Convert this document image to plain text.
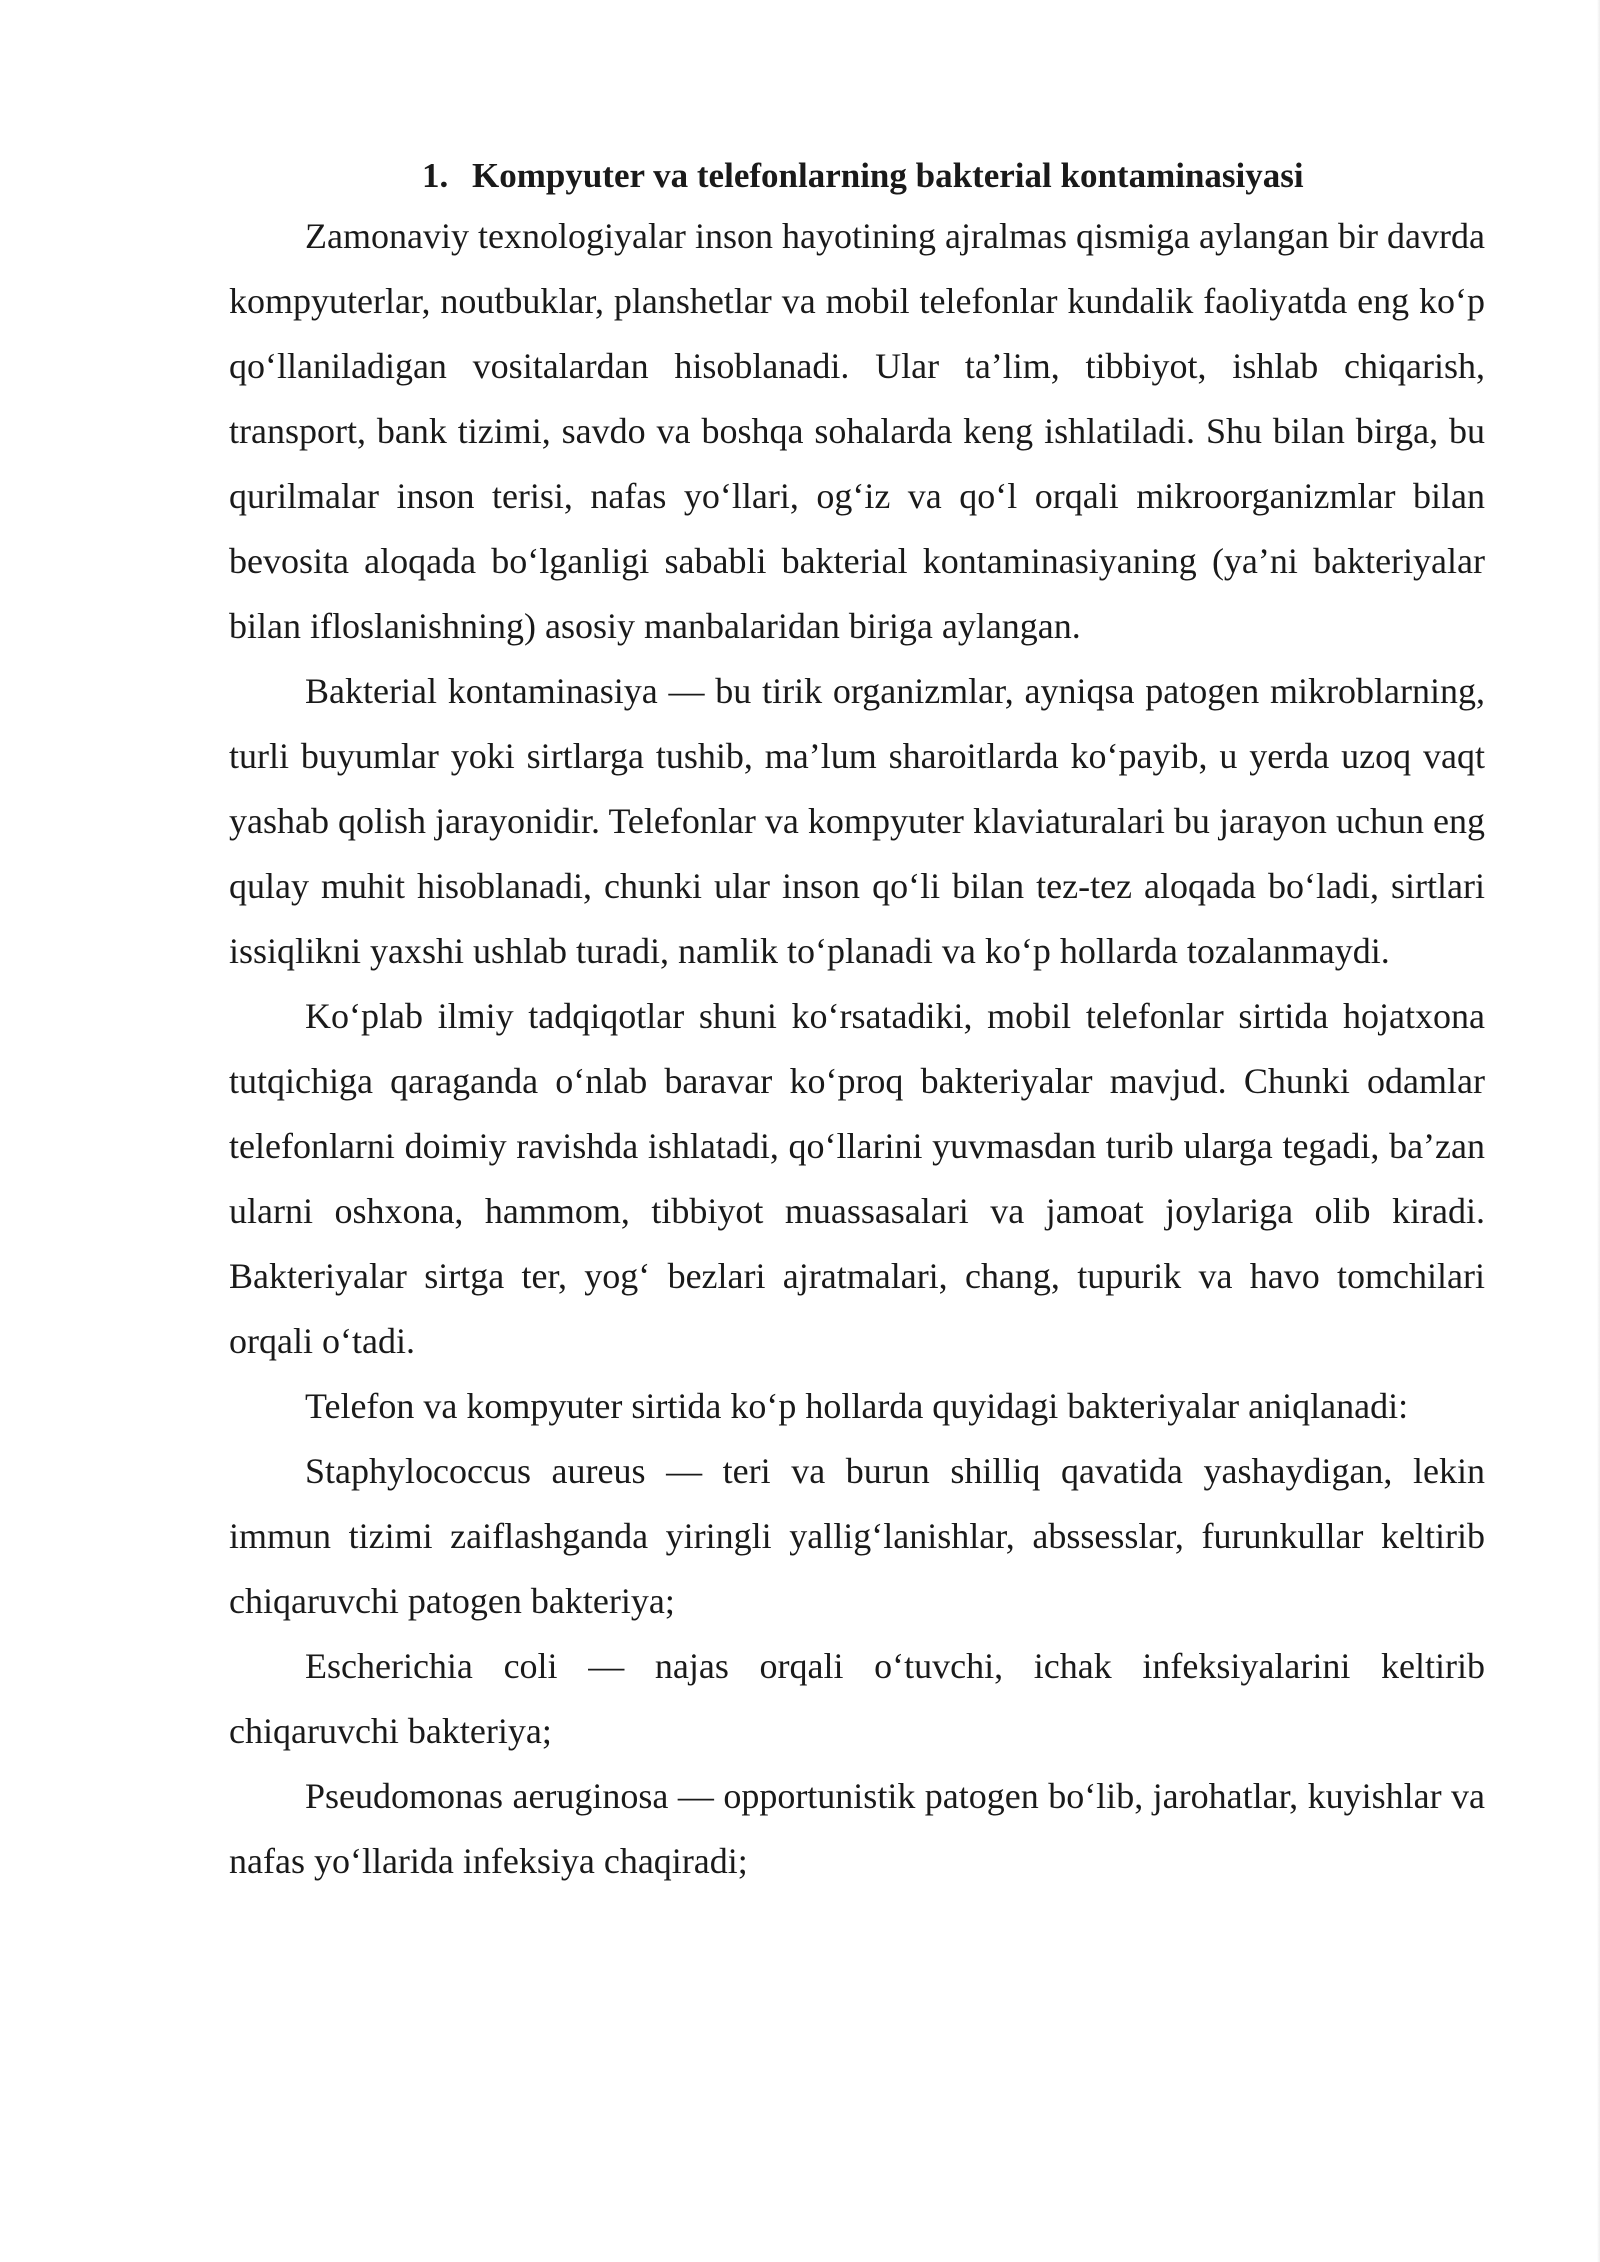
1. Kompyuter va telefonlarning bakterial kontaminasiyasi

Zamonaviy texnologiyalar inson hayotining ajralmas qismiga aylangan bir davrda kompyuterlar, noutbuklar, planshetlar va mobil telefonlar kundalik faoliyatda eng ko‘p qo‘llaniladigan vositalardan hisoblanadi. Ular ta’lim, tibbiyot, ishlab chiqarish, transport, bank tizimi, savdo va boshqa sohalarda keng ishlatiladi. Shu bilan birga, bu qurilmalar inson terisi, nafas yo‘llari, og‘iz va qo‘l orqali mikroorganizmlar bilan bevosita aloqada bo‘lganligi sababli bakterial kontaminasiyaning (ya’ni bakteriyalar bilan ifloslanishning) asosiy manbalaridan biriga aylangan.

Bakterial kontaminasiya — bu tirik organizmlar, ayniqsa patogen mikroblarning, turli buyumlar yoki sirtlarga tushib, ma’lum sharoitlarda ko‘payib, u yerda uzoq vaqt yashab qolish jarayonidir. Telefonlar va kompyuter klaviaturalari bu jarayon uchun eng qulay muhit hisoblanadi, chunki ular inson qo‘li bilan tez-tez aloqada bo‘ladi, sirtlari issiqlikni yaxshi ushlab turadi, namlik to‘planadi va ko‘p hollarda tozalanmaydi.

Ko‘plab ilmiy tadqiqotlar shuni ko‘rsatadiki, mobil telefonlar sirtida hojatxona tutqichiga qaraganda o‘nlab baravar ko‘proq bakteriyalar mavjud. Chunki odamlar telefonlarni doimiy ravishda ishlatadi, qo‘llarini yuvmasdan turib ularga tegadi, ba’zan ularni oshxona, hammom, tibbiyot muassasalari va jamoat joylariga olib kiradi. Bakteriyalar sirtga ter, yog‘ bezlari ajratmalari, chang, tupurik va havo tomchilari orqali o‘tadi.

Telefon va kompyuter sirtida ko‘p hollarda quyidagi bakteriyalar aniqlanadi:

Staphylococcus aureus — teri va burun shilliq qavatida yashaydigan, lekin immun tizimi zaiflashganda yiringli yallig‘lanishlar, abssesslar, furunkullar keltirib chiqaruvchi patogen bakteriya;

Escherichia coli — najas orqali o‘tuvchi, ichak infeksiyalarini keltirib chiqaruvchi bakteriya;

Pseudomonas aeruginosa — opportunistik patogen bo‘lib, jarohatlar, kuyishlar va nafas yo‘llarida infeksiya chaqiradi;
